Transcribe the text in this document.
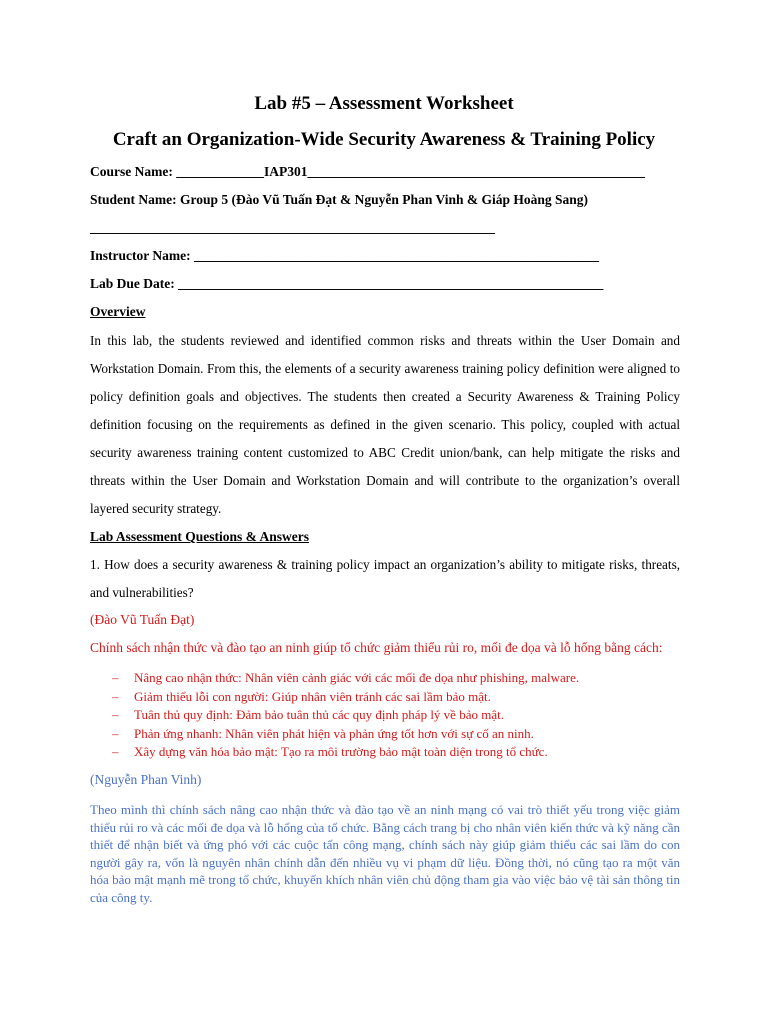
Lab #5 – Assessment Worksheet
Craft an Organization-Wide Security Awareness & Training Policy
Course Name: _____________IAP301__________________________________________________
Student Name: Group 5 (Đào Vũ Tuấn Đạt & Nguyễn Phan Vinh & Giáp Hoàng Sang)
____________________________________________________________
Instructor Name: ____________________________________________________________
Lab Due Date: _______________________________________________________________
Overview

In this lab, the students reviewed and identified common risks and threats within the User Domain and Workstation Domain. From this, the elements of a security awareness training policy definition were aligned to policy definition goals and objectives. The students then created a Security Awareness & Training Policy definition focusing on the requirements as defined in the given scenario. This policy, coupled with actual security awareness training content customized to ABC Credit union/bank, can help mitigate the risks and threats within the User Domain and Workstation Domain and will contribute to the organization’s overall layered security strategy.

Lab Assessment Questions & Answers

1. How does a security awareness & training policy impact an organization’s ability to mitigate risks, threats, and vulnerabilities?

(Đào Vũ Tuấn Đạt)
Chính sách nhận thức và đào tạo an ninh giúp tổ chức giảm thiểu rủi ro, mối đe dọa và lỗ hổng bằng cách:
– Nâng cao nhận thức: Nhân viên cảnh giác với các mối đe dọa như phishing, malware.
– Giảm thiểu lỗi con người: Giúp nhân viên tránh các sai lầm bảo mật.
– Tuân thủ quy định: Đảm bảo tuân thủ các quy định pháp lý về bảo mật.
– Phản ứng nhanh: Nhân viên phát hiện và phản ứng tốt hơn với sự cố an ninh.
– Xây dựng văn hóa bảo mật: Tạo ra môi trường bảo mật toàn diện trong tổ chức.
(Nguyễn Phan Vinh)
Theo mình thì chính sách nâng cao nhận thức và đào tạo về an ninh mạng có vai trò thiết yếu trong việc giảm thiểu rủi ro và các mối đe dọa và lỗ hổng của tổ chức. Bằng cách trang bị cho nhân viên kiến thức và kỹ năng cần thiết để nhận biết và ứng phó với các cuộc tấn công mạng, chính sách này giúp giảm thiểu các sai lầm do con người gây ra, vốn là nguyên nhân chính dẫn đến nhiều vụ vi phạm dữ liệu. Đồng thời, nó cũng tạo ra một văn hóa bảo mật mạnh mẽ trong tổ chức, khuyến khích nhân viên chủ động tham gia vào việc bảo vệ tài sản thông tin của công ty.
